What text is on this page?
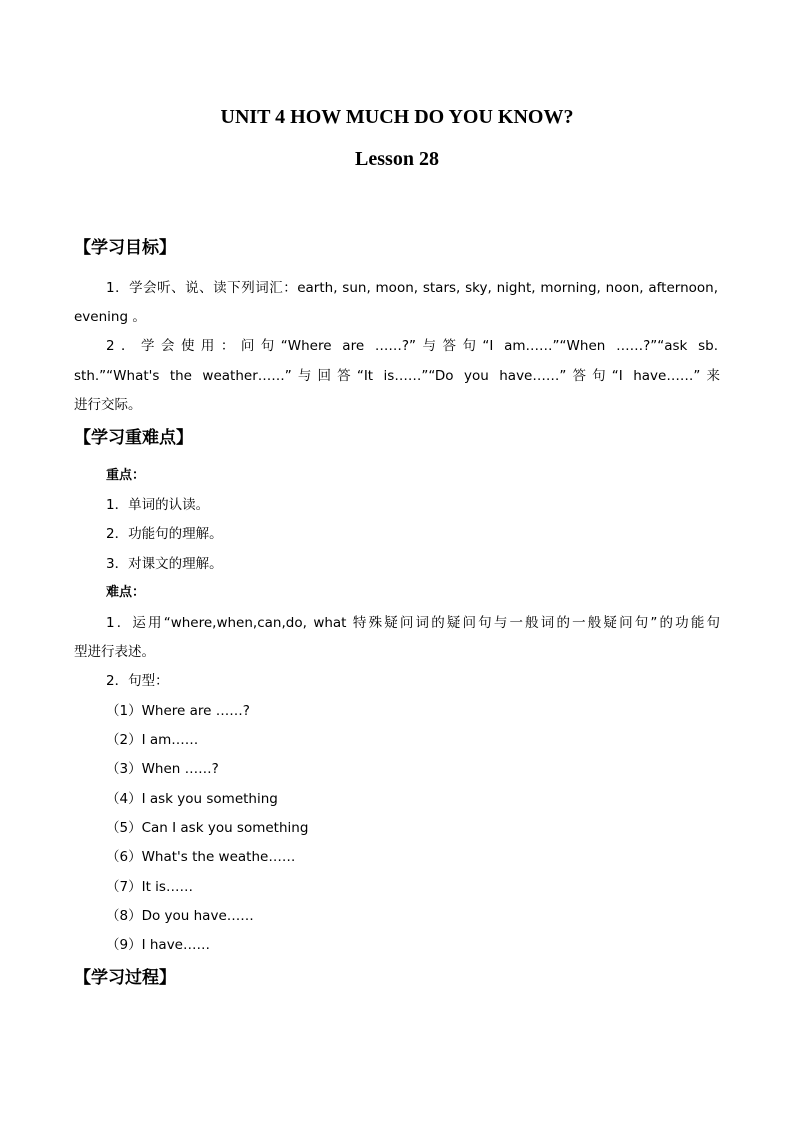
UNIT 4 HOW MUCH DO YOU KNOW?
Lesson 28
【学习目标】
1．学会听、说、读下列词汇：earth, sun, moon, stars, sky, night, morning, noon, afternoon,
evening 。
2．学会使用：问句“Where are ……?”与答句“I am……”“When ……?”“ask sb.
sth.”“What's the weather……”与回答“It is……”“Do you have……”答句“I have……”来
进行交际。
【学习重难点】
重点：
1．单词的认读。
2．功能句的理解。
3．对课文的理解。
难点：
1．运用“where,when,can,do, what 特殊疑问词的疑问句与一般词的一般疑问句”的功能句
型进行表述。
2．句型：
（1）Where are ……?
（2）I am……
（3）When ……?
（4）I ask you something
（5）Can I ask you something
（6）What's the weathe……
（7）It is……
（8）Do you have……
（9）I have……
【学习过程】
